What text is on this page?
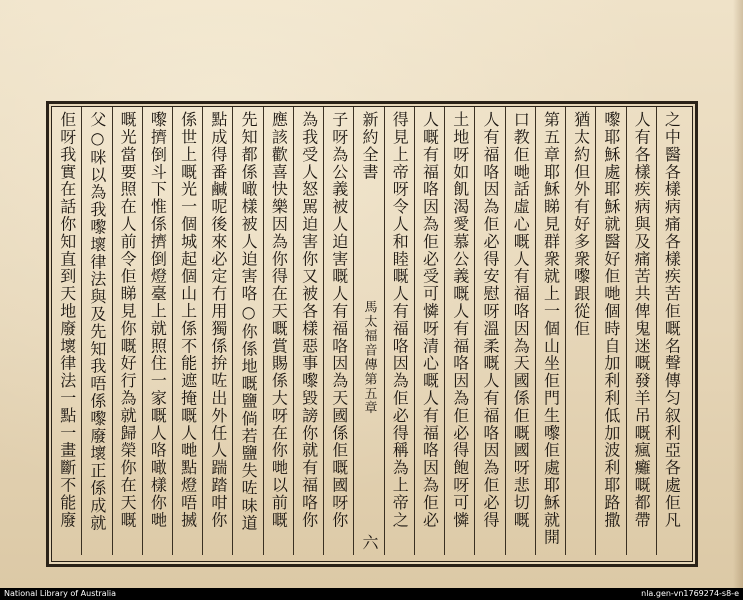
之中醫各樣病痛各樣疾苦佢嘅名聲傳匀叙利亞各處佢凡
人有各樣疾病與及痛苦共俾鬼迷嘅發羊吊嘅瘋癱嘅都帶
嚟耶穌處耶穌就醫好佢哋個時自加利利低加波利耶路撒
猶太約但外有好多衆嚟跟從佢
第五章耶穌睇見群衆就上一個山坐佢門生嚟佢處耶穌就開
口教佢哋話虛心嘅人有福咯因為天國係佢嘅國呀悲切嘅
人有福咯因為佢必得安慰呀溫柔嘅人有福咯因為佢必得
土地呀如飢渴愛慕公義嘅人有福咯因為佢必得飽呀可憐
人嘅有福咯因為佢必受可憐呀清心嘅人有福咯因為佢必
得見上帝呀令人和睦嘅人有福咯因為佢必得稱為上帝之
新約全書
馬太福音傳第五章
六
子呀為公義被人迫害嘅人有福咯因為天國係佢嘅國呀你
為我受人怒駡迫害你又被各樣惡事嚟毀謗你就有福咯你
應該歡喜快樂因為你得在天嘅賞賜係大呀在你哋以前嘅
先知都係噉樣被人迫害咯○你係地嘅鹽倘若鹽失咗味道
點成得番鹹呢後來必定冇用獨係拚咗出外任人踹踏咁你
係世上嘅光一個城起個山上係不能遮掩嘅人哋點燈唔搣
嚟擠倒斗下惟係擠倒燈臺上就照住一家嘅人咯噉樣你哋
嘅光當要照在人前令佢睇見你嘅好行為就歸榮你在天嘅
父○咪以為我嚟壞律法與及先知我唔係嚟廢壞正係成就
佢呀我實在話你知直到天地廢壞律法一點一畫斷不能廢
National Library of Australia	nla.gen-vn1769274-s8-e
